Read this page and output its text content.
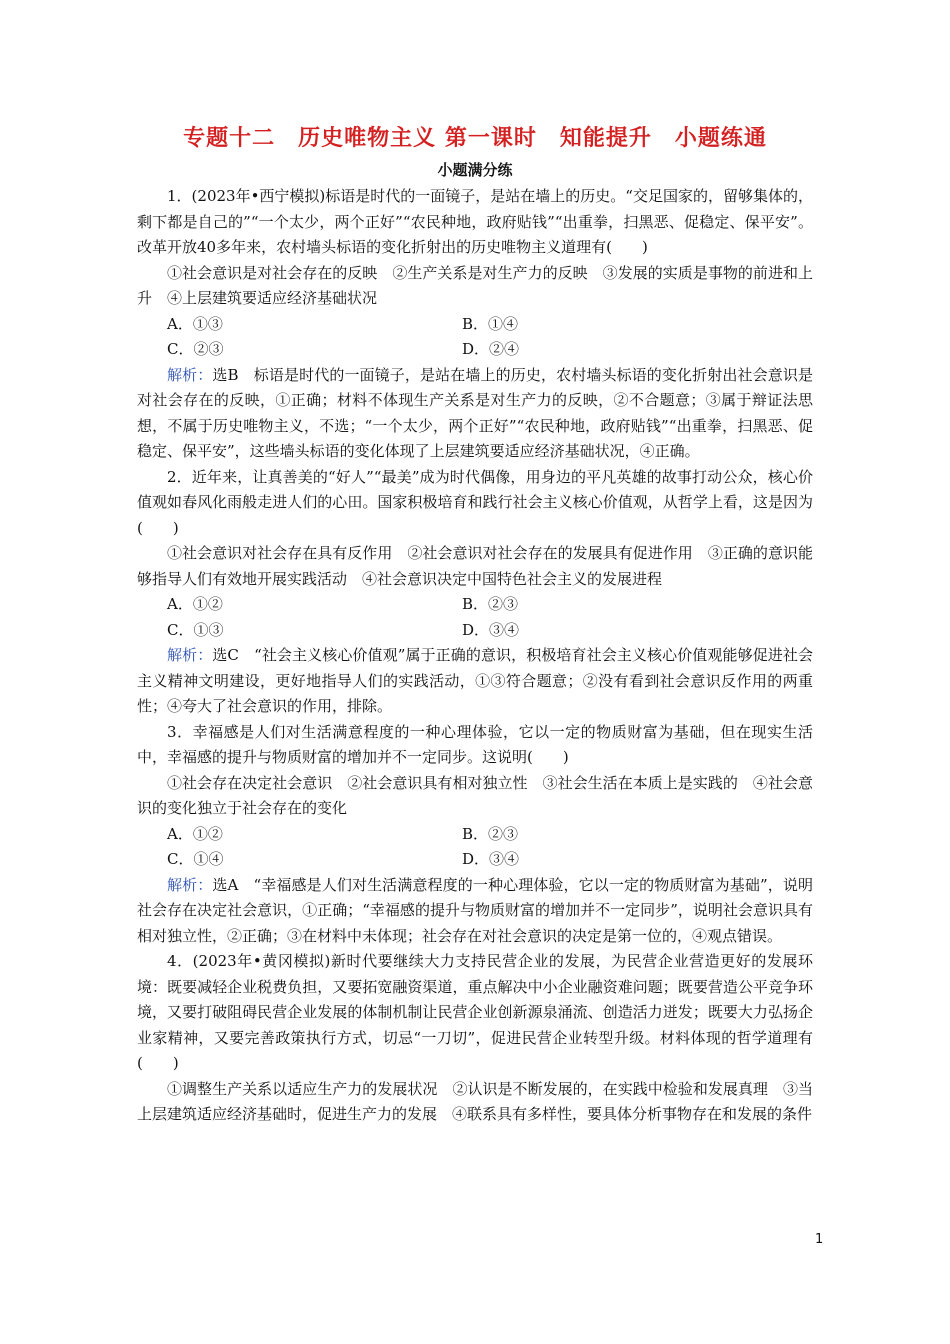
专题十二　历史唯物主义 第一课时　知能提升　小题练通
小题满分练

1．(2023年•西宁模拟)标语是时代的一面镜子，是站在墙上的历史。“交足国家的，留够集体的，剩下都是自己的”“一个太少，两个正好”“农民种地，政府贴钱”“出重拳，扫黑恶、促稳定、保平安”。改革开放40多年来，农村墙头标语的变化折射出的历史唯物主义道理有(　　)

①社会意识是对社会存在的反映　②生产关系是对生产力的反映　③发展的实质是事物的前进和上升　④上层建筑要适应经济基础状况

A．①③	B．①④
C．②③	D．②④

解析：选B　标语是时代的一面镜子，是站在墙上的历史，农村墙头标语的变化折射出社会意识是对社会存在的反映，①正确；材料不体现生产关系是对生产力的反映，②不合题意；③属于辩证法思想，不属于历史唯物主义，不选；“一个太少，两个正好”“农民种地，政府贴钱”“出重拳，扫黑恶、促稳定、保平安”，这些墙头标语的变化体现了上层建筑要适应经济基础状况，④正确。

2．近年来，让真善美的“好人”“最美”成为时代偶像，用身边的平凡英雄的故事打动公众，核心价值观如春风化雨般走进人们的心田。国家积极培育和践行社会主义核心价值观，从哲学上看，这是因为(　　)

①社会意识对社会存在具有反作用　②社会意识对社会存在的发展具有促进作用　③正确的意识能够指导人们有效地开展实践活动　④社会意识决定中国特色社会主义的发展进程

A．①②	B．②③
C．①③	D．③④

解析：选C　“社会主义核心价值观”属于正确的意识，积极培育社会主义核心价值观能够促进社会主义精神文明建设，更好地指导人们的实践活动，①③符合题意；②没有看到社会意识反作用的两重性；④夸大了社会意识的作用，排除。

3．幸福感是人们对生活满意程度的一种心理体验，它以一定的物质财富为基础，但在现实生活中，幸福感的提升与物质财富的增加并不一定同步。这说明(　　)

①社会存在决定社会意识　②社会意识具有相对独立性　③社会生活在本质上是实践的　④社会意识的变化独立于社会存在的变化

A．①②	B．②③
C．①④	D．③④

解析：选A　“幸福感是人们对生活满意程度的一种心理体验，它以一定的物质财富为基础”，说明社会存在决定社会意识，①正确；“幸福感的提升与物质财富的增加并不一定同步”，说明社会意识具有相对独立性，②正确；③在材料中未体现；社会存在对社会意识的决定是第一位的，④观点错误。

4．(2023年•黄冈模拟)新时代要继续大力支持民营企业的发展，为民营企业营造更好的发展环境：既要减轻企业税费负担，又要拓宽融资渠道，重点解决中小企业融资难问题；既要营造公平竞争环境，又要打破阻碍民营企业发展的体制机制让民营企业创新源泉涌流、创造活力迸发；既要大力弘扬企业家精神，又要完善政策执行方式，切忌“一刀切”，促进民营企业转型升级。材料体现的哲学道理有(　　)

①调整生产关系以适应生产力的发展状况　②认识是不断发展的，在实践中检验和发展真理　③当上层建筑适应经济基础时，促进生产力的发展　④联系具有多样性，要具体分析事物存在和发展的条件

1
